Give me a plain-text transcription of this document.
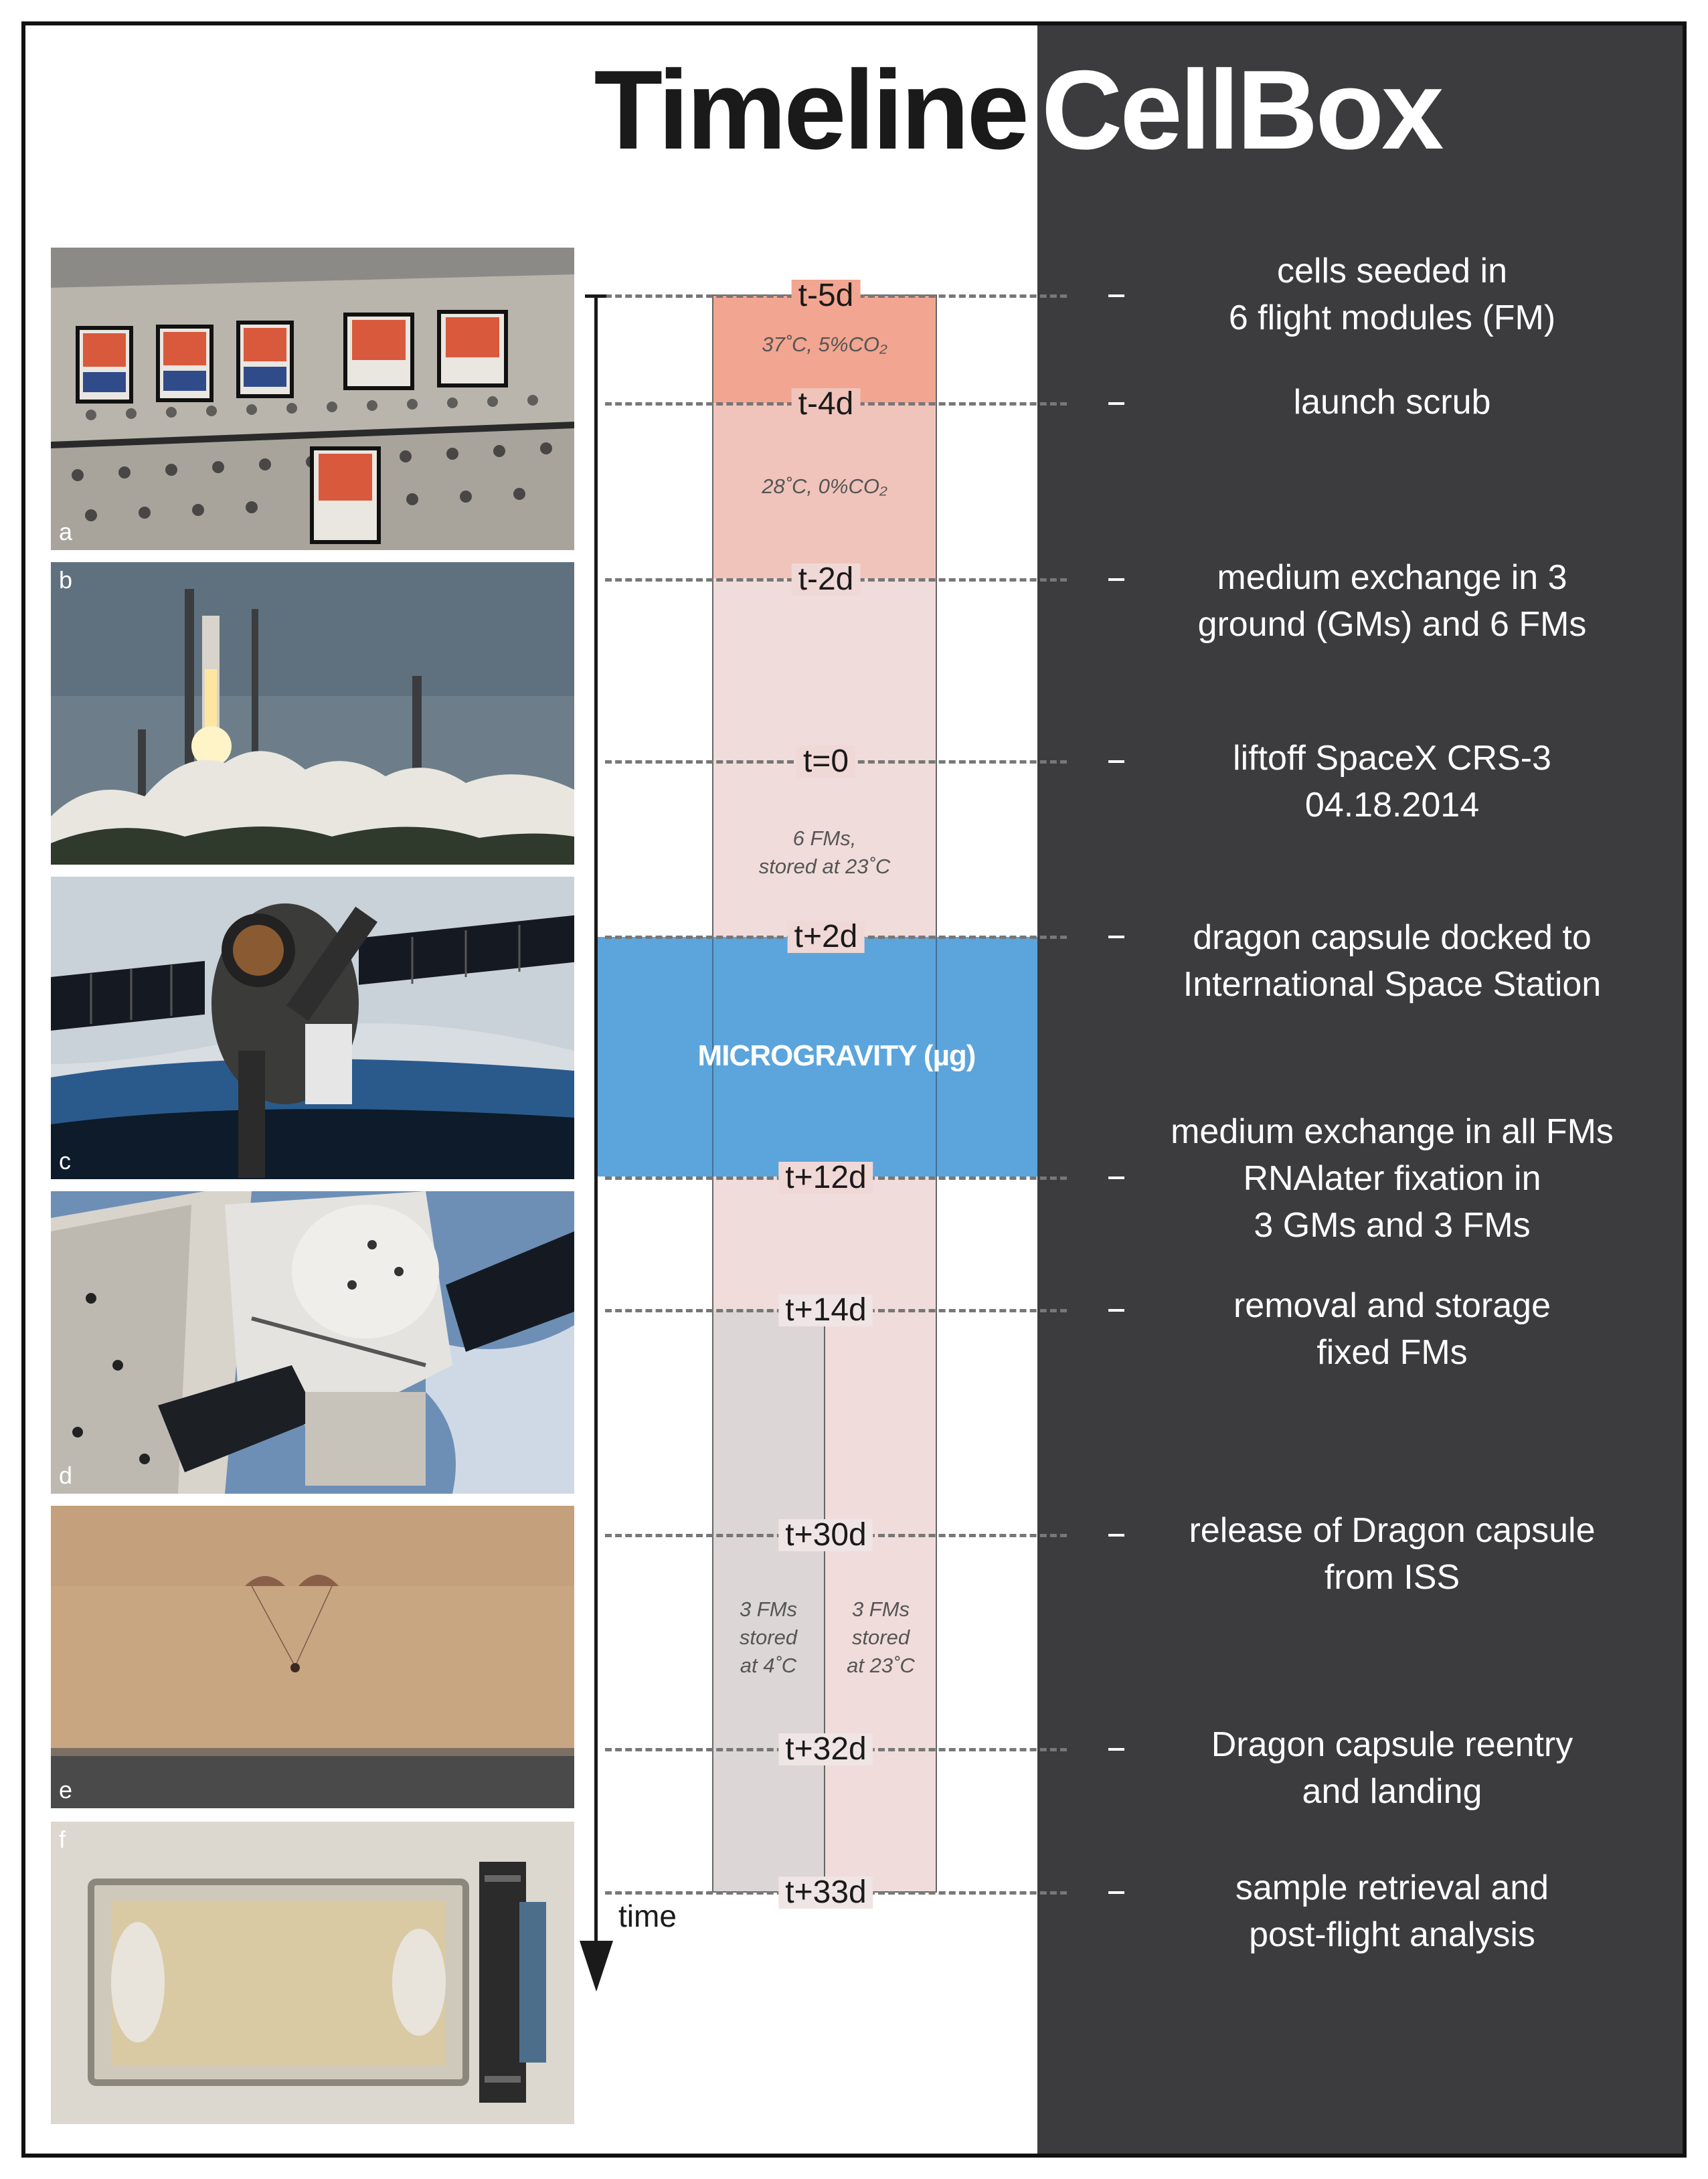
Timeline CellBox
a
b
c
d
e
f
MICROGRAVITY (µg)
t-5d
t-4d
t-2d
t=0
t+2d
t+12d
t+14d
t+30d
t+32d
t+33d
37˚C, 5%CO₂
28˚C, 0%CO₂
6 FMs,
stored at 23˚C
3 FMs
stored
at 4˚C
3 FMs
stored
at 23˚C
time
cells seeded in
6 flight modules (FM)
launch scrub
medium exchange in 3
ground (GMs) and 6 FMs
liftoff SpaceX CRS-3
04.18.2014
dragon capsule docked to
International Space Station
medium exchange in all FMs
RNAlater fixation in
3 GMs and 3 FMs
removal and storage
fixed FMs
release of Dragon capsule
from ISS
Dragon capsule reentry
and landing
sample retrieval and
post-flight analysis
